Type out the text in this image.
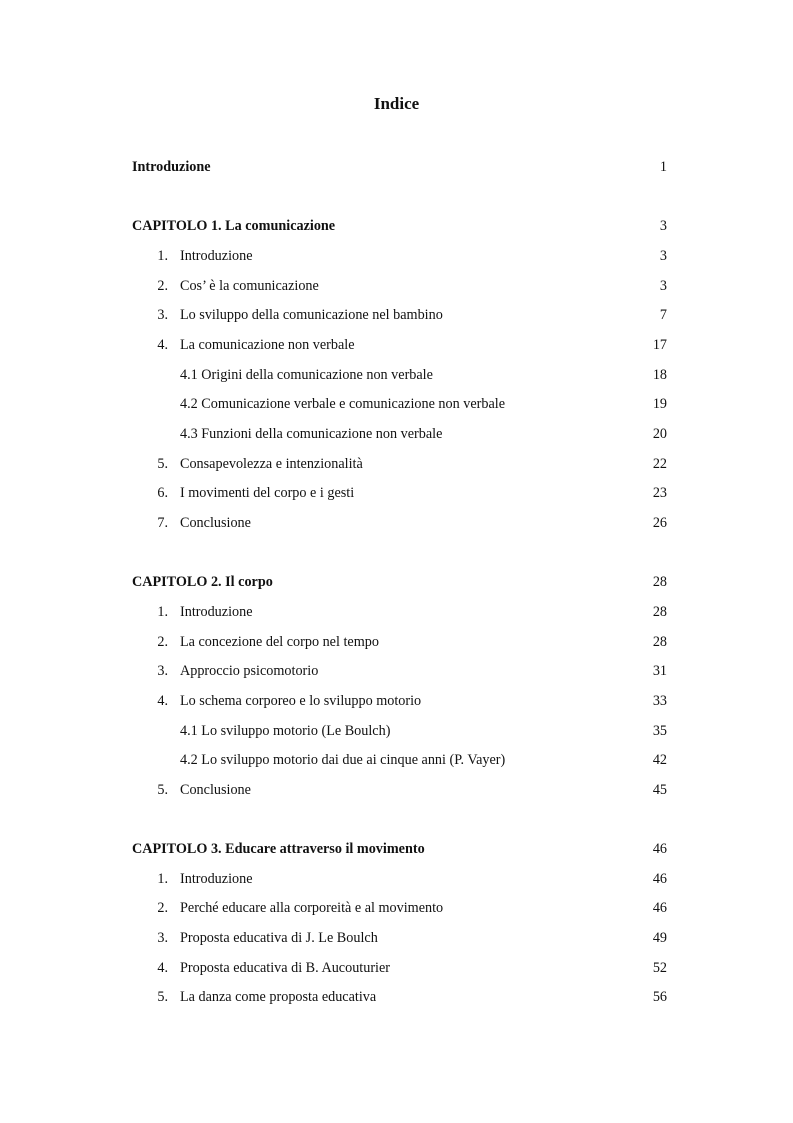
Indice
Introduzione	1
CAPITOLO 1. La comunicazione	3
1. Introduzione	3
2. Cos’ è la comunicazione	3
3. Lo sviluppo della comunicazione nel bambino	7
4. La comunicazione non verbale	17
4.1 Origini della comunicazione non verbale	18
4.2 Comunicazione verbale e comunicazione non verbale	19
4.3 Funzioni della comunicazione non verbale	20
5. Consapevolezza e intenzionalità	22
6. I movimenti del corpo e i gesti	23
7. Conclusione	26
CAPITOLO 2. Il corpo	28
1. Introduzione	28
2. La concezione del corpo nel tempo	28
3. Approccio psicomotorio	31
4. Lo schema corporeo e lo sviluppo motorio	33
4.1 Lo sviluppo motorio (Le Boulch)	35
4.2 Lo sviluppo motorio dai due ai cinque anni (P. Vayer)	42
5. Conclusione	45
CAPITOLO 3. Educare attraverso il movimento	46
1. Introduzione	46
2. Perché educare alla corporeità e al movimento	46
3. Proposta educativa di J. Le Boulch	49
4. Proposta educativa di B. Aucouturier	52
5. La danza come proposta educativa	56
